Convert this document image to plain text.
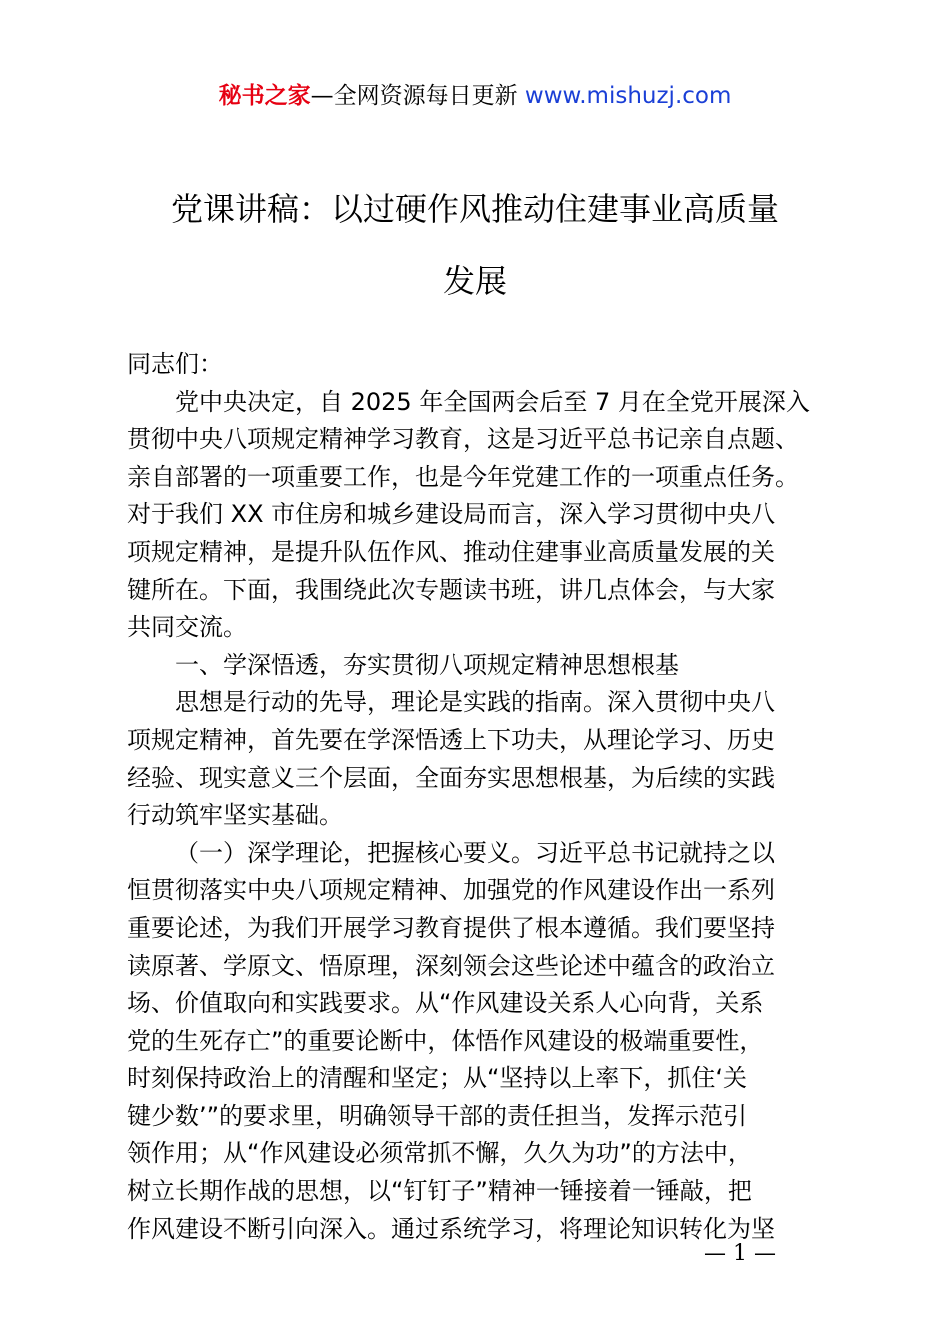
秘书之家—全网资源每日更新 www.mishuzj.com
党课讲稿：以过硬作风推动住建事业高质量
发展
同志们：
党中央决定，自 2025 年全国两会后至 7 月在全党开展深入
贯彻中央八项规定精神学习教育，这是习近平总书记亲自点题、
亲自部署的一项重要工作，也是今年党建工作的一项重点任务。
对于我们 XX 市住房和城乡建设局而言，深入学习贯彻中央八
项规定精神，是提升队伍作风、推动住建事业高质量发展的关
键所在。下面，我围绕此次专题读书班，讲几点体会，与大家
共同交流。
一、学深悟透，夯实贯彻八项规定精神思想根基
思想是行动的先导，理论是实践的指南。深入贯彻中央八
项规定精神，首先要在学深悟透上下功夫，从理论学习、历史
经验、现实意义三个层面，全面夯实思想根基，为后续的实践
行动筑牢坚实基础。
（一）深学理论，把握核心要义。习近平总书记就持之以
恒贯彻落实中央八项规定精神、加强党的作风建设作出一系列
重要论述，为我们开展学习教育提供了根本遵循。我们要坚持
读原著、学原文、悟原理，深刻领会这些论述中蕴含的政治立
场、价值取向和实践要求。从“作风建设关系人心向背，关系
党的生死存亡”的重要论断中，体悟作风建设的极端重要性，
时刻保持政治上的清醒和坚定；从“坚持以上率下，抓住‘关
键少数’”的要求里，明确领导干部的责任担当，发挥示范引
领作用；从“作风建设必须常抓不懈，久久为功”的方法中，
树立长期作战的思想，以“钉钉子”精神一锤接着一锤敲，把
作风建设不断引向深入。通过系统学习，将理论知识转化为坚
— 1 —
